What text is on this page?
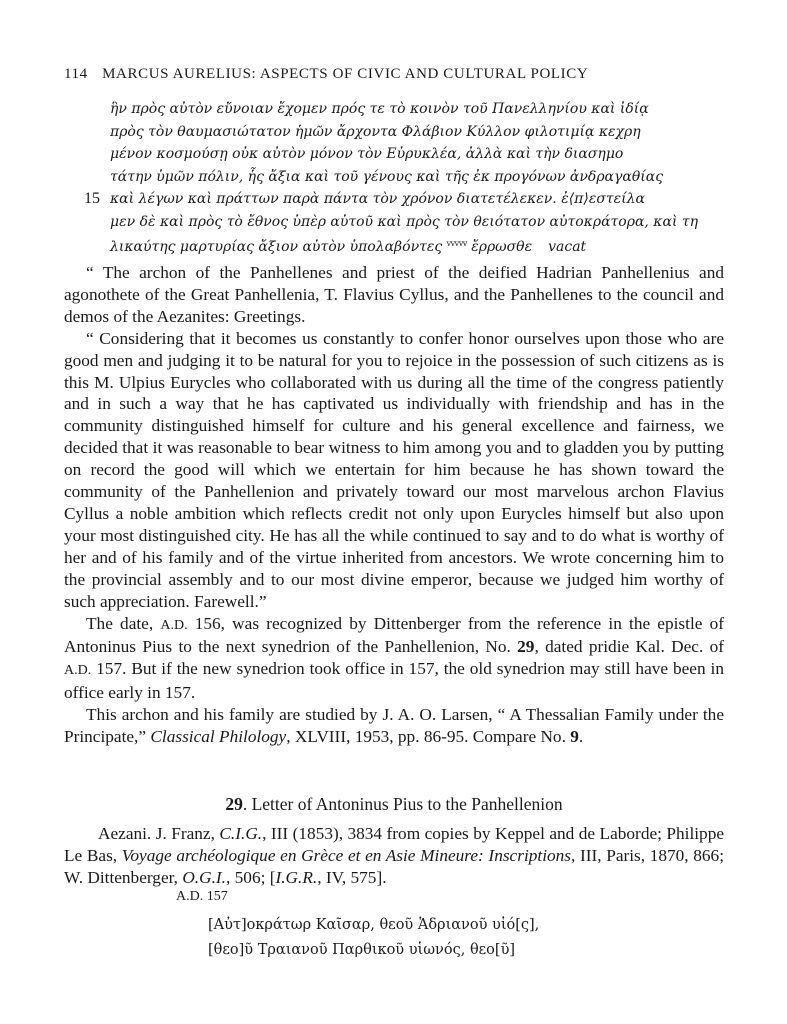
114 MARCUS AURELIUS: ASPECTS OF CIVIC AND CULTURAL POLICY
ἣν πρὸς αὐτὸν εὔνοιαν ἔχομεν πρός τε τὸ κοινὸν τοῦ Πανελληνίου καὶ ἰδίᾳ
πρὸς τὸν θαυμασιώτατον ἡμῶν ἄρχοντα Φλάβιον Κύλλον φιλοτιμίᾳ κεχρη
μένον κοσμούσῃ οὐκ αὐτὸν μόνον τὸν Εὐρυκλέα, ἀλλὰ καὶ τὴν διασημο
τάτην ὑμῶν πόλιν, ἧς ἄξια καὶ τοῦ γένους καὶ τῆς ἐκ προγόνων ἀνδραγαθίας
15 καὶ λέγων καὶ πράττων παρὰ πάντα τὸν χρόνον διατετέλεκεν. ἐ⟨π⟩εστείλα
μεν δὲ καὶ πρὸς τὸ ἔθνος ὑπὲρ αὐτοῦ καὶ πρὸς τὸν θειότατον αὐτοκράτορα, καὶ τη
λικαύτης μαρτυρίας ἄξιον αὐτὸν ὑπολαβόντες $^{vvvvv}$ ἔρρωσθε vacat

“ The archon of the Panhellenes and priest of the deified Hadrian Panhellenius and agonothete of the Great Panhellenia, T. Flavius Cyllus, and the Panhellenes to the council and demos of the Aezanites: Greetings.

“ Considering that it becomes us constantly to confer honor ourselves upon those who are good men and judging it to be natural for you to rejoice in the possession of such citizens as is this M. Ulpius Eurycles who collaborated with us during all the time of the congress patiently and in such a way that he has captivated us individually with friendship and has in the community distinguished himself for culture and his general excellence and fairness, we decided that it was reasonable to bear witness to him among you and to gladden you by putting on record the good will which we entertain for him because he has shown toward the community of the Panhellenion and privately toward our most marvelous archon Flavius Cyllus a noble ambition which reflects credit not only upon Eurycles himself but also upon your most distinguished city. He has all the while continued to say and to do what is worthy of her and of his family and of the virtue inherited from ancestors. We wrote concerning him to the provincial assembly and to our most divine emperor, because we judged him worthy of such appreciation. Farewell.”

The date, A.D. 156, was recognized by Dittenberger from the reference in the epistle of Antoninus Pius to the next synedrion of the Panhellenion, No. 29, dated pridie Kal. Dec. of A.D. 157. But if the new synedrion took office in 157, the old synedrion may still have been in office early in 157.

This archon and his family are studied by J. A. O. Larsen, “ A Thessalian Family under the Principate,” Classical Philology, XLVIII, 1953, pp. 86-95. Compare No. 9.

29. Letter of Antoninus Pius to the Panhellenion

Aezani. J. Franz, C.I.G., III (1853), 3834 from copies by Keppel and de Laborde; Philippe Le Bas, Voyage archéologique en Grèce et en Asie Mineure: Inscriptions, III, Paris, 1870, 866; W. Dittenberger, O.G.I., 506; [I.G.R., IV, 575].

A.D. 157
[Αὐτ]οκράτωρ Καῖσαρ, θεοῦ Ἁδριανοῦ υἱό[ς],
[θεο]ῦ Τραιανοῦ Παρθικοῦ υἱωνός, θεο[ῦ]
